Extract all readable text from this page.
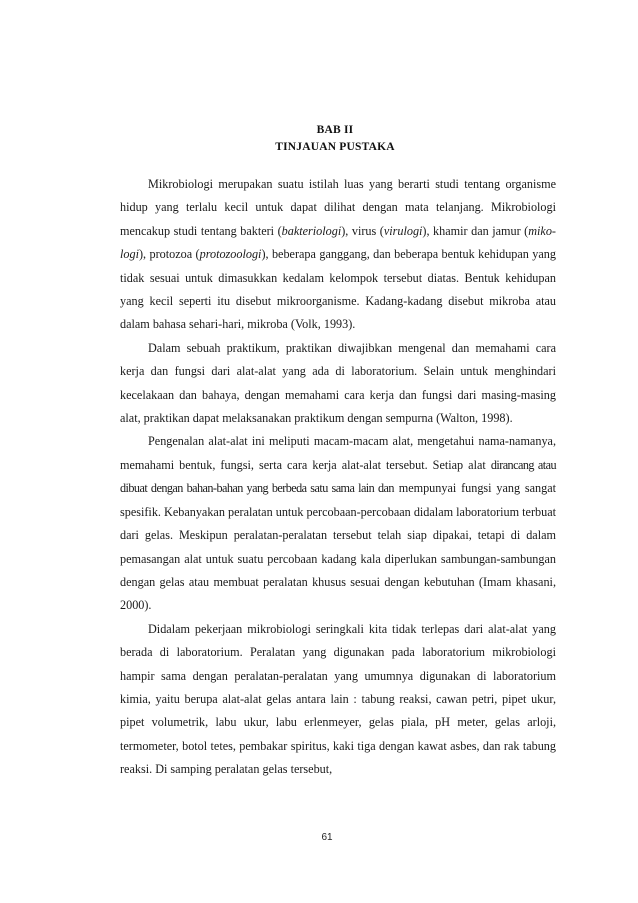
BAB II
TINJAUAN PUSTAKA

Mikrobiologi merupakan suatu istilah luas yang berarti studi tentang organisme hidup yang terlalu kecil untuk dapat dilihat dengan mata telanjang. Mikrobiologi mencakup studi tentang bakteri (bakteriologi), virus (virulogi), khamir dan jamur (miko-logi), protozoa (protozoologi), beberapa ganggang, dan beberapa bentuk kehidupan yang tidak sesuai untuk dimasukkan kedalam kelompok tersebut diatas. Bentuk kehidupan yang kecil seperti itu disebut mikroorganisme. Kadang-kadang disebut mikroba atau dalam bahasa sehari-hari, mikroba (Volk, 1993).

Dalam sebuah praktikum, praktikan diwajibkan mengenal dan memahami cara kerja dan fungsi dari alat-alat yang ada di laboratorium. Selain untuk menghindari kecelakaan dan bahaya, dengan memahami cara kerja dan fungsi dari masing-masing alat, praktikan dapat melaksanakan praktikum dengan sempurna (Walton, 1998).

Pengenalan alat-alat ini meliputi macam-macam alat, mengetahui nama-namanya, memahami bentuk, fungsi, serta cara kerja alat-alat tersebut. Setiap alat dirancang atau dibuat dengan bahan-bahan yang berbeda satu sama lain dan mempunyai fungsi yang sangat spesifik. Kebanyakan peralatan untuk percobaan-percobaan didalam laboratorium terbuat dari gelas. Meskipun peralatan-peralatan tersebut telah siap dipakai, tetapi di dalam pemasangan alat untuk suatu percobaan kadang kala diperlukan sambungan-sambungan dengan gelas atau membuat peralatan khusus sesuai dengan kebutuhan (Imam khasani, 2000).

Didalam pekerjaan mikrobiologi seringkali kita tidak terlepas dari alat-alat yang berada di laboratorium. Peralatan yang digunakan pada laboratorium mikrobiologi hampir sama dengan peralatan-peralatan yang umumnya digunakan di laboratorium kimia, yaitu berupa alat-alat gelas antara lain : tabung reaksi, cawan petri, pipet ukur, pipet volumetrik, labu ukur, labu erlenmeyer, gelas piala, pH meter, gelas arloji, termometer, botol tetes, pembakar spiritus, kaki tiga dengan kawat asbes, dan rak tabung reaksi. Di samping peralatan gelas tersebut,

61
